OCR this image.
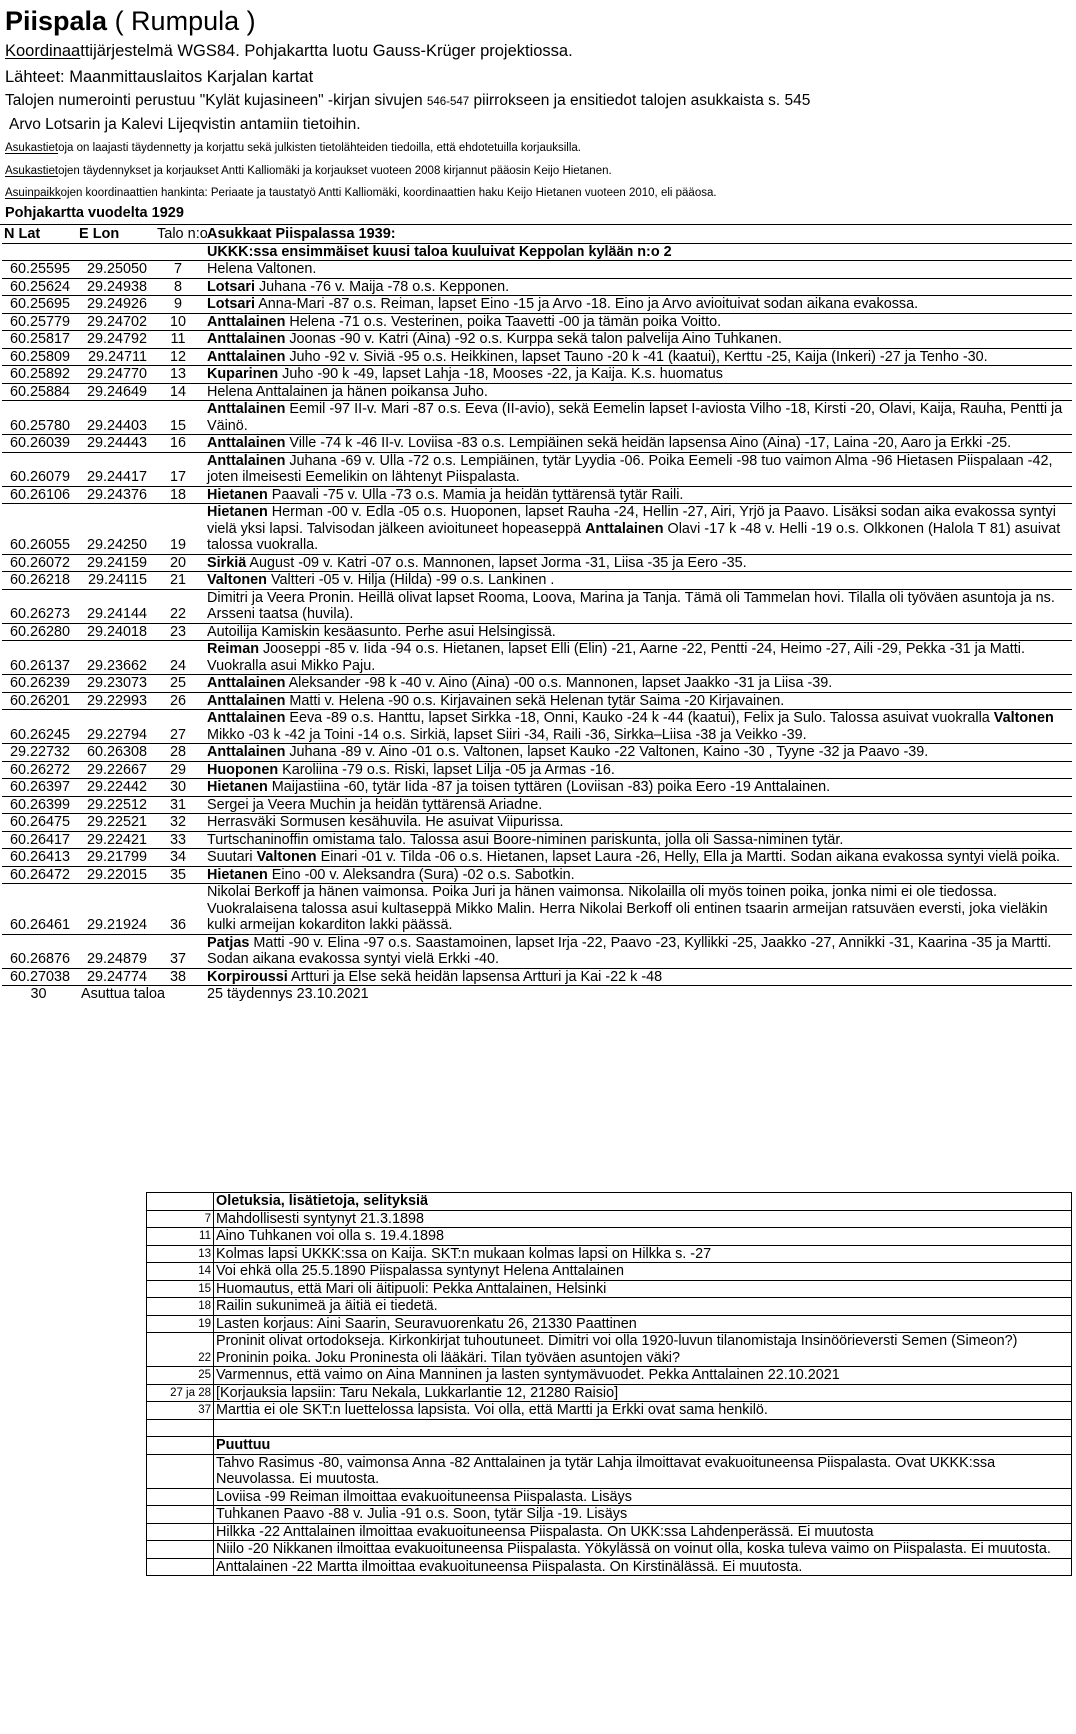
Piispala ( Rumpula )
Koordinaattijärjestelmä WGS84. Pohjakartta luotu Gauss-Krüger projektiossa.
Lähteet: Maanmittauslaitos Karjalan kartat
Talojen numerointi perustuu "Kylät kujasineen" -kirjan sivujen 546-547 piirrokseen ja ensitiedot talojen asukkaista s. 545
Arvo Lotsarin ja Kalevi Lijeqvistin antamiin tietoihin.
Asukastietoja on laajasti täydennetty ja korjattu sekä julkisten tietolähteiden tiedoilla, että ehdotetuilla korjauksilla.
Asukastietojen täydennykset ja korjaukset Antti Kalliomäki ja korjaukset vuoteen 2008 kirjannut pääosin Keijo Hietanen.
Asuinpaikkojen koordinaattien hankinta: Periaate ja taustatyö Antti Kalliomäki, koordinaattien haku Keijo Hietanen vuoteen 2010, eli pääosa.
Pohjakartta vuodelta 1929
N Lat	E Lon	Talo n:o	Asukkaat Piispalassa 1939:
			UKKK:ssa ensimmäiset kuusi taloa kuuluivat Keppolan kylään n:o 2
60.25595	29.25050	7	Helena Valtonen.
60.25624	29.24938	8	Lotsari Juhana -76 v. Maija -78 o.s. Kepponen.
60.25695	29.24926	9	Lotsari Anna-Mari -87 o.s. Reiman, lapset Eino -15 ja Arvo -18. Eino ja Arvo avioituivat sodan aikana evakossa.
60.25779	29.24702	10	Anttalainen Helena -71 o.s. Vesterinen, poika Taavetti -00 ja tämän poika Voitto.
60.25817	29.24792	11	Anttalainen Joonas -90 v. Katri (Aina) -92 o.s. Kurppa sekä talon palvelija Aino Tuhkanen.
60.25809	29.24711	12	Anttalainen Juho -92 v. Siviä -95 o.s. Heikkinen, lapset Tauno -20 k -41 (kaatui), Kerttu -25, Kaija (Inkeri) -27 ja Tenho -30.
60.25892	29.24770	13	Kuparinen Juho -90 k -49, lapset Lahja -18, Mooses -22, ja Kaija. K.s. huomatus
60.25884	29.24649	14	Helena Anttalainen ja hänen poikansa Juho.
60.25780	29.24403	15	Anttalainen Eemil -97 II-v. Mari -87 o.s. Eeva (II-avio), sekä Eemelin lapset I-aviosta Vilho -18, Kirsti -20, Olavi, Kaija, Rauha, Pentti ja Väinö.
60.26039	29.24443	16	Anttalainen Ville -74 k -46 II-v. Loviisa -83 o.s. Lempiäinen sekä heidän lapsensa Aino (Aina) -17, Laina -20, Aaro ja Erkki -25.
60.26079	29.24417	17	Anttalainen Juhana -69 v. Ulla -72 o.s. Lempiäinen, tytär Lyydia -06. Poika Eemeli -98 tuo vaimon Alma -96 Hietasen Piispalaan -42, joten ilmeisesti Eemelikin on lähtenyt Piispalasta.
60.26106	29.24376	18	Hietanen Paavali -75 v. Ulla -73 o.s. Mamia ja heidän tyttärensä tytär Raili.
60.26055	29.24250	19	Hietanen Herman -00 v. Edla -05 o.s. Huoponen, lapset Rauha -24, Hellin -27, Airi, Yrjö ja Paavo. Lisäksi sodan aika evakossa syntyi vielä yksi lapsi. Talvisodan jälkeen avioituneet hopeaseppä Anttalainen Olavi -17 k -48 v. Helli -19 o.s. Olkkonen (Halola T 81) asuivat talossa vuokralla.
60.26072	29.24159	20	Sirkiä August -09 v. Katri -07 o.s. Mannonen, lapset Jorma -31, Liisa -35 ja Eero -35.
60.26218	29.24115	21	Valtonen Valtteri -05 v. Hilja (Hilda) -99 o.s. Lankinen .
60.26273	29.24144	22	Dimitri ja Veera Pronin. Heillä olivat lapset Rooma, Loova, Marina ja Tanja. Tämä oli Tammelan hovi. Tilalla oli työväen asuntoja ja ns. Arsseni taatsa (huvila).
60.26280	29.24018	23	Autoilija Kamiskin kesäasunto. Perhe asui Helsingissä.
60.26137	29.23662	24	Reiman Jooseppi -85 v. Iida -94 o.s. Hietanen, lapset Elli (Elin) -21, Aarne -22, Pentti -24, Heimo -27, Aili -29, Pekka -31 ja Matti. Vuokralla asui Mikko Paju.
60.26239	29.23073	25	Anttalainen Aleksander -98 k -40 v. Aino (Aina) -00 o.s. Mannonen, lapset Jaakko -31 ja Liisa -39.
60.26201	29.22993	26	Anttalainen Matti v. Helena -90 o.s. Kirjavainen sekä Helenan tytär Saima -20 Kirjavainen.
60.26245	29.22794	27	Anttalainen Eeva -89 o.s. Hanttu, lapset Sirkka -18, Onni, Kauko -24 k -44 (kaatui), Felix ja Sulo. Talossa asuivat vuokralla Valtonen Mikko -03 k -42 ja Toini -14 o.s. Sirkiä, lapset Siiri -34, Raili -36, Sirkka–Liisa -38 ja Veikko -39.
29.22732	60.26308	28	Anttalainen Juhana -89 v. Aino -01 o.s. Valtonen, lapset Kauko -22 Valtonen, Kaino -30 , Tyyne -32 ja Paavo -39.
60.26272	29.22667	29	Huoponen Karoliina -79 o.s. Riski, lapset Lilja -05 ja Armas -16.
60.26397	29.22442	30	Hietanen Maijastiina -60, tytär Iida -87 ja toisen tyttären (Loviisan -83) poika Eero -19 Anttalainen.
60.26399	29.22512	31	Sergei ja Veera Muchin ja heidän tyttärensä Ariadne.
60.26475	29.22521	32	Herrasväki Sormusen kesähuvila. He asuivat Viipurissa.
60.26417	29.22421	33	Turtschaninoffin omistama talo. Talossa asui Boore-niminen pariskunta, jolla oli Sassa-niminen tytär.
60.26413	29.21799	34	Suutari Valtonen Einari -01 v. Tilda -06 o.s. Hietanen, lapset Laura -26, Helly, Ella ja Martti. Sodan aikana evakossa syntyi vielä poika.
60.26472	29.22015	35	Hietanen Eino -00 v. Aleksandra (Sura) -02 o.s. Sabotkin.
60.26461	29.21924	36	Nikolai Berkoff ja hänen vaimonsa. Poika Juri ja hänen vaimonsa. Nikolailla oli myös toinen poika, jonka nimi ei ole tiedossa. Vuokralaisena talossa asui kultaseppä Mikko Malin. Herra Nikolai Berkoff oli entinen tsaarin armeijan ratsuväen eversti, joka vieläkin kulki armeijan kokarditon lakki päässä.
60.26876	29.24879	37	Patjas Matti -90 v. Elina -97 o.s. Saastamoinen, lapset Irja -22, Paavo -23, Kyllikki -25, Jaakko -27, Annikki -31, Kaarina -35 ja Martti. Sodan aikana evakossa syntyi vielä Erkki -40.
60.27038	29.24774	38	Korpiroussi Artturi ja Else sekä heidän lapsensa Artturi ja Kai -22 k -48
30	Asuttua taloa		25 täydennys 23.10.2021
	Oletuksia, lisätietoja, selityksiä
7	Mahdollisesti syntynyt 21.3.1898
11	Aino Tuhkanen voi olla s. 19.4.1898
13	Kolmas lapsi UKKK:ssa on Kaija. SKT:n mukaan kolmas lapsi on Hilkka s. -27
14	Voi ehkä olla 25.5.1890 Piispalassa syntynyt Helena Anttalainen
15	Huomautus, että Mari oli äitipuoli: Pekka Anttalainen, Helsinki
18	Railin sukunimeä ja äitiä ei tiedetä.
19	Lasten korjaus: Aini Saarin, Seuravuorenkatu 26, 21330 Paattinen
22	Proninit olivat ortodokseja. Kirkonkirjat tuhoutuneet. Dimitri voi olla 1920-luvun tilanomistaja Insinöörieversti Semen (Simeon?) Proninin poika. Joku Proninesta oli lääkäri. Tilan työväen asuntojen väki?
25	Varmennus, että vaimo on Aina Manninen ja lasten syntymävuodet. Pekka Anttalainen 22.10.2021
27 ja 28	[Korjauksia lapsiin: Taru Nekala, Lukkarlantie 12, 21280 Raisio]
37	Marttia ei ole SKT:n luettelossa lapsista. Voi olla, että Martti ja Erkki ovat sama henkilö.

	Puuttuu
	Tahvo Rasimus -80, vaimonsa Anna -82 Anttalainen ja tytär Lahja ilmoittavat evakuoituneensa Piispalasta. Ovat UKKK:ssa Neuvolassa. Ei muutosta.
	Loviisa -99 Reiman ilmoittaa evakuoituneensa Piispalasta. Lisäys
	Tuhkanen Paavo -88 v. Julia -91 o.s. Soon, tytär Silja -19. Lisäys
	Hilkka -22 Anttalainen ilmoittaa evakuoituneensa Piispalasta. On UKK:ssa Lahdenperässä. Ei muutosta
	Niilo -20 Nikkanen ilmoittaa evakuoituneensa Piispalasta. Yökylässä on voinut olla, koska tuleva vaimo on Piispalasta. Ei muutosta.
	Anttalainen -22 Martta ilmoittaa evakuoituneensa Piispalasta. On Kirstinälässä. Ei muutosta.
